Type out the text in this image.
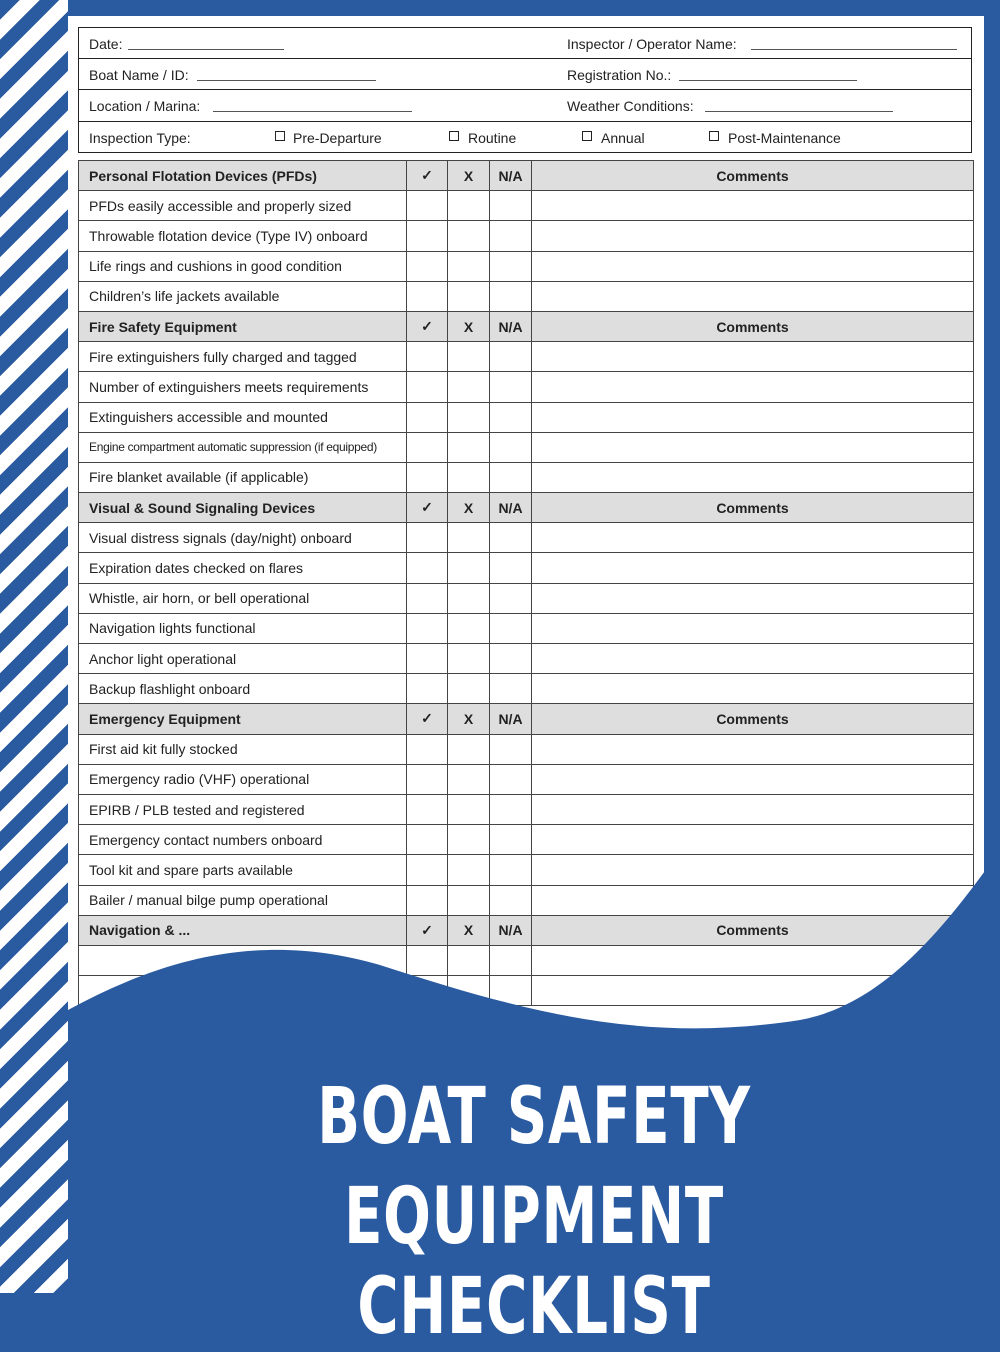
Date:	Inspector / Operator Name:
Boat Name / ID:	Registration No.:
Location / Marina:	Weather Conditions:
Inspection Type:	Pre-Departure	Routine	Annual	Post-Maintenance
Personal Flotation Devices (PFDs)	✓	X	N/A	Comments
PFDs easily accessible and properly sized				
Throwable flotation device (Type IV) onboard				
Life rings and cushions in good condition				
Children’s life jackets available				
Fire Safety Equipment	✓	X	N/A	Comments
Fire extinguishers fully charged and tagged				
Number of extinguishers meets requirements				
Extinguishers accessible and mounted				
Engine compartment automatic suppression (if equipped)				
Fire blanket available (if applicable)				
Visual & Sound Signaling Devices	✓	X	N/A	Comments
Visual distress signals (day/night) onboard				
Expiration dates checked on flares				
Whistle, air horn, or bell operational				
Navigation lights functional				
Anchor light operational				
Backup flashlight onboard				
Emergency Equipment	✓	X	N/A	Comments
First aid kit fully stocked				
Emergency radio (VHF) operational				
EPIRB / PLB tested and registered				
Emergency contact numbers onboard				
Tool kit and spare parts available				
Bailer / manual bilge pump operational				
Navigation & ...	✓	X	N/A	Comments

BOAT SAFETY
EQUIPMENT CHECKLIST
